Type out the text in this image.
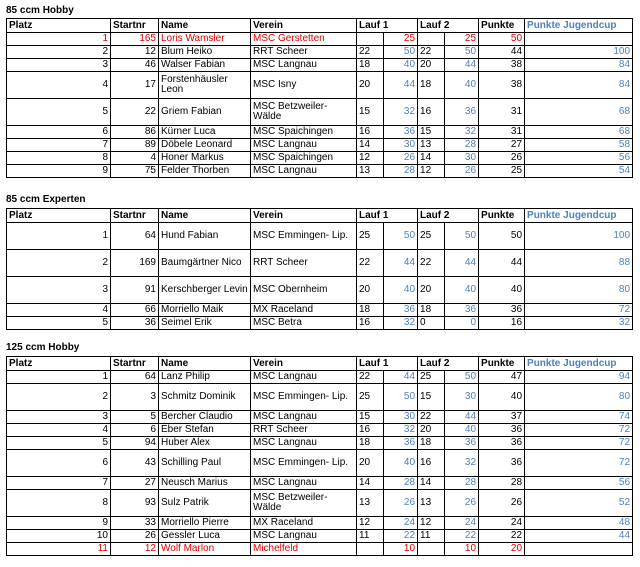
85 ccm Hobby
Platz	Startnr	Name	Verein	Lauf 1		Lauf 2		Punkte	Punkte Jugendcup
1	165	Loris Wamsler	MSC Gerstetten		25		25	50	
2	12	Blum Heiko	RRT Scheer	22	50	22	50	44	100
3	46	Walser Fabian	MSC Langnau	18	40	20	44	38	84
4	17	Forstenhäusler Leon	MSC Isny	20	44	18	40	38	84
5	22	Griem Fabian	MSC Betzweiler-Wälde	15	32	16	36	31	68
6	86	Kürner Luca	MSC Spaichingen	16	36	15	32	31	68
7	89	Döbele Leonard	MSC Langnau	14	30	13	28	27	58
8	4	Honer Markus	MSC Spaichingen	12	26	14	30	26	56
9	75	Felder Thorben	MSC Langnau	13	28	12	26	25	54
85 ccm Experten
Platz	Startnr	Name	Verein	Lauf 1		Lauf 2		Punkte	Punkte Jugendcup
1	64	Hund Fabian	MSC Emmingen- Lip.	25	50	25	50	50	100
2	169	Baumgärtner Nico	RRT Scheer	22	44	22	44	44	88
3	91	Kerschberger Levin	MSC Obernheim	20	40	20	40	40	80
4	66	Morriello Maik	MX Raceland	18	36	18	36	36	72
5	36	Seimel Erik	MSC Betra	16	32	0	0	16	32
125 ccm Hobby
Platz	Startnr	Name	Verein	Lauf 1		Lauf 2		Punkte	Punkte Jugendcup
1	64	Lanz Philip	MSC Langnau	22	44	25	50	47	94
2	3	Schmitz Dominik	MSC Emmingen- Lip.	25	50	15	30	40	80
3	5	Bercher Claudio	MSC Langnau	15	30	22	44	37	74
4	6	Eber Stefan	RRT Scheer	16	32	20	40	36	72
5	94	Huber Alex	MSC Langnau	18	36	18	36	36	72
6	43	Schilling Paul	MSC Emmingen- Lip.	20	40	16	32	36	72
7	27	Neusch Marius	MSC Langnau	14	28	14	28	28	56
8	93	Sulz Patrik	MSC Betzweiler-Wälde	13	26	13	26	26	52
9	33	Morriello Pierre	MX Raceland	12	24	12	24	24	48
10	26	Gessler Luca	MSC Langnau	11	22	11	22	22	44
11	12	Wolf Marlon	Michelfeld		10		10	20	
